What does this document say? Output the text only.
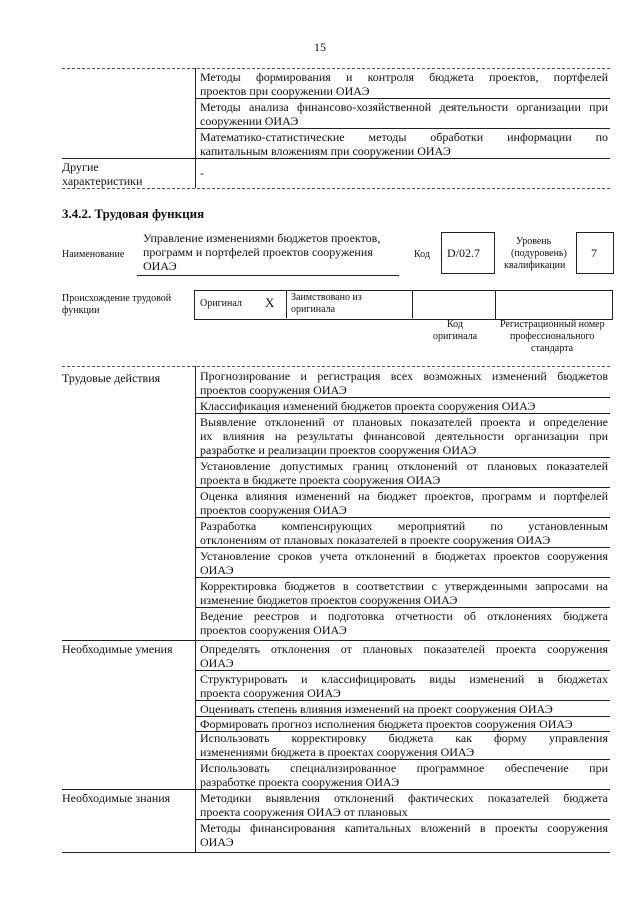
15
Методы формирования и контроля бюджета проектов, портфелей
проектов при сооружении ОИАЭ
Методы анализа финансово-хозяйственной деятельности организации при
сооружении ОИАЭ
Математико-статистические методы обработки информации по
капитальным вложениям при сооружении ОИАЭ
Другие
характеристики
-
3.4.2. Трудовая функция
Наименование
Управление изменениями бюджетов проектов,
программ и портфелей проектов сооружения
ОИАЭ
Код D/02.7
Уровень
(подуровень)
квалификации
7
Происхождение трудовой
функции
Оригинал X Заимствовано из
оригинала
Код
оригинала
Регистрационный номер
профессионального
стандарта
Трудовые действия
Необходимые умения
Необходимые знания
Прогнозирование и регистрация всех возможных изменений бюджетов
проектов сооружения ОИАЭ
Классификация изменений бюджетов проекта сооружения ОИАЭ
Выявление отклонений от плановых показателей проекта и определение
их влияния на результаты финансовой деятельности организации при
разработке и реализации проектов сооружения ОИАЭ
Установление допустимых границ отклонений от плановых показателей
проекта в бюджете проекта сооружения ОИАЭ
Оценка влияния изменений на бюджет проектов, программ и портфелей
проектов сооружения ОИАЭ
Разработка компенсирующих мероприятий по установленным
отклонениям от плановых показателей в проекте сооружения ОИАЭ
Установление сроков учета отклонений в бюджетах проектов сооружения
ОИАЭ
Корректировка бюджетов в соответствии с утвержденными запросами на
изменение бюджетов проектов сооружения ОИАЭ
Ведение реестров и подготовка отчетности об отклонениях бюджета
проектов сооружения ОИАЭ
Определять отклонения от плановых показателей проекта сооружения
ОИАЭ
Структурировать и классифицировать виды изменений в бюджетах
проекта сооружения ОИАЭ
Оценивать степень влияния изменений на проект сооружения ОИАЭ
Формировать прогноз исполнения бюджета проектов сооружения ОИАЭ
Использовать корректировку бюджета как форму управления
изменениями бюджета в проектах сооружения ОИАЭ
Использовать специализированное программное обеспечение при
разработке проекта сооружения ОИАЭ
Методики выявления отклонений фактических показателей бюджета
проекта сооружения ОИАЭ от плановых
Методы финансирования капитальных вложений в проекты сооружения
ОИАЭ
